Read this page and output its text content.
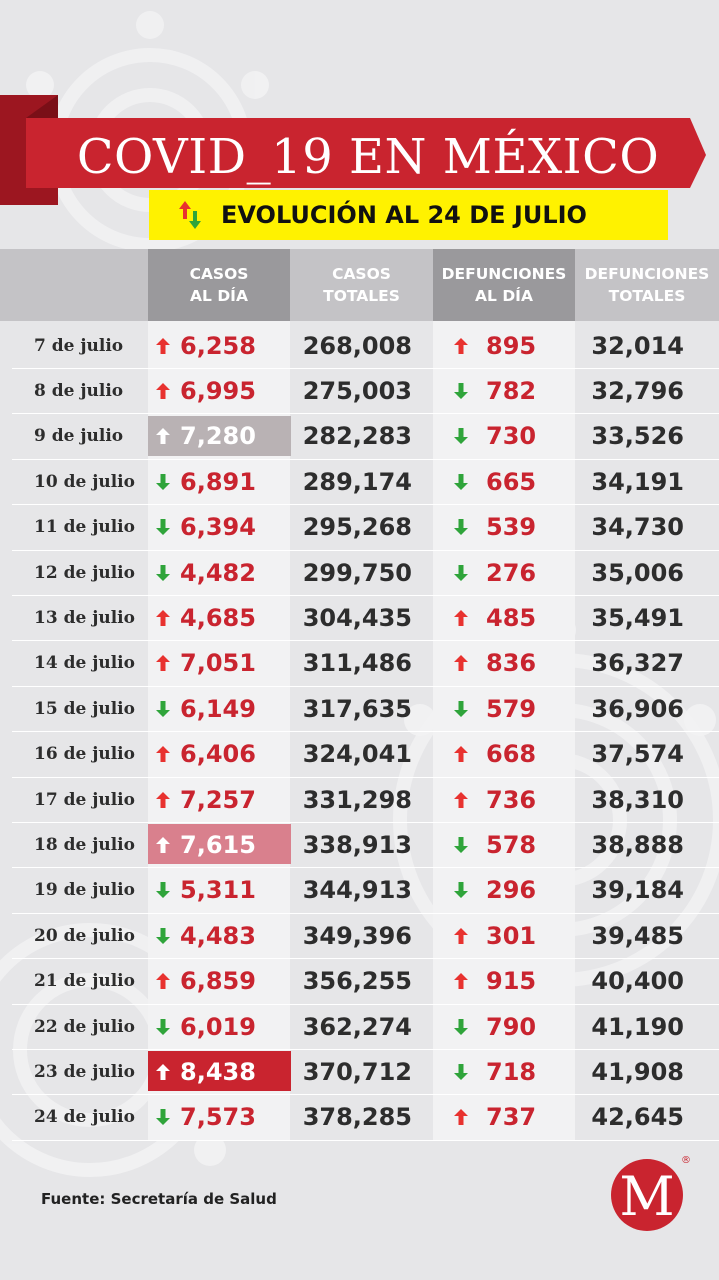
COVID_19 EN MÉXICO
EVOLUCIÓN AL 24 DE JULIO
CASOS
AL DÍA
CASOS
TOTALES
DEFUNCIONES
AL DÍA
DEFUNCIONES
TOTALES
7 de julio	6,258 268,008	895 32,014
8 de julio	6,995 275,003	782 32,796
9 de julio	7,280 282,283	730 33,526
10 de julio	6,891 289,174	665 34,191
11 de julio	6,394 295,268	539 34,730
12 de julio	4,482 299,750	276 35,006
13 de julio	4,685 304,435	485 35,491
14 de julio	7,051 311,486	836 36,327
15 de julio	6,149 317,635	579 36,906
16 de julio	6,406 324,041	668 37,574
17 de julio	7,257 331,298	736 38,310
18 de julio	7,615 338,913	578 38,888
19 de julio	5,311 344,913	296 39,184
20 de julio	4,483 349,396	301 39,485
21 de julio	6,859 356,255	915 40,400
22 de julio	6,019 362,274	790 41,190
23 de julio	8,438 370,712	718 41,908
24 de julio	7,573 378,285	737 42,645
Fuente: Secretaría de Salud	M
®
